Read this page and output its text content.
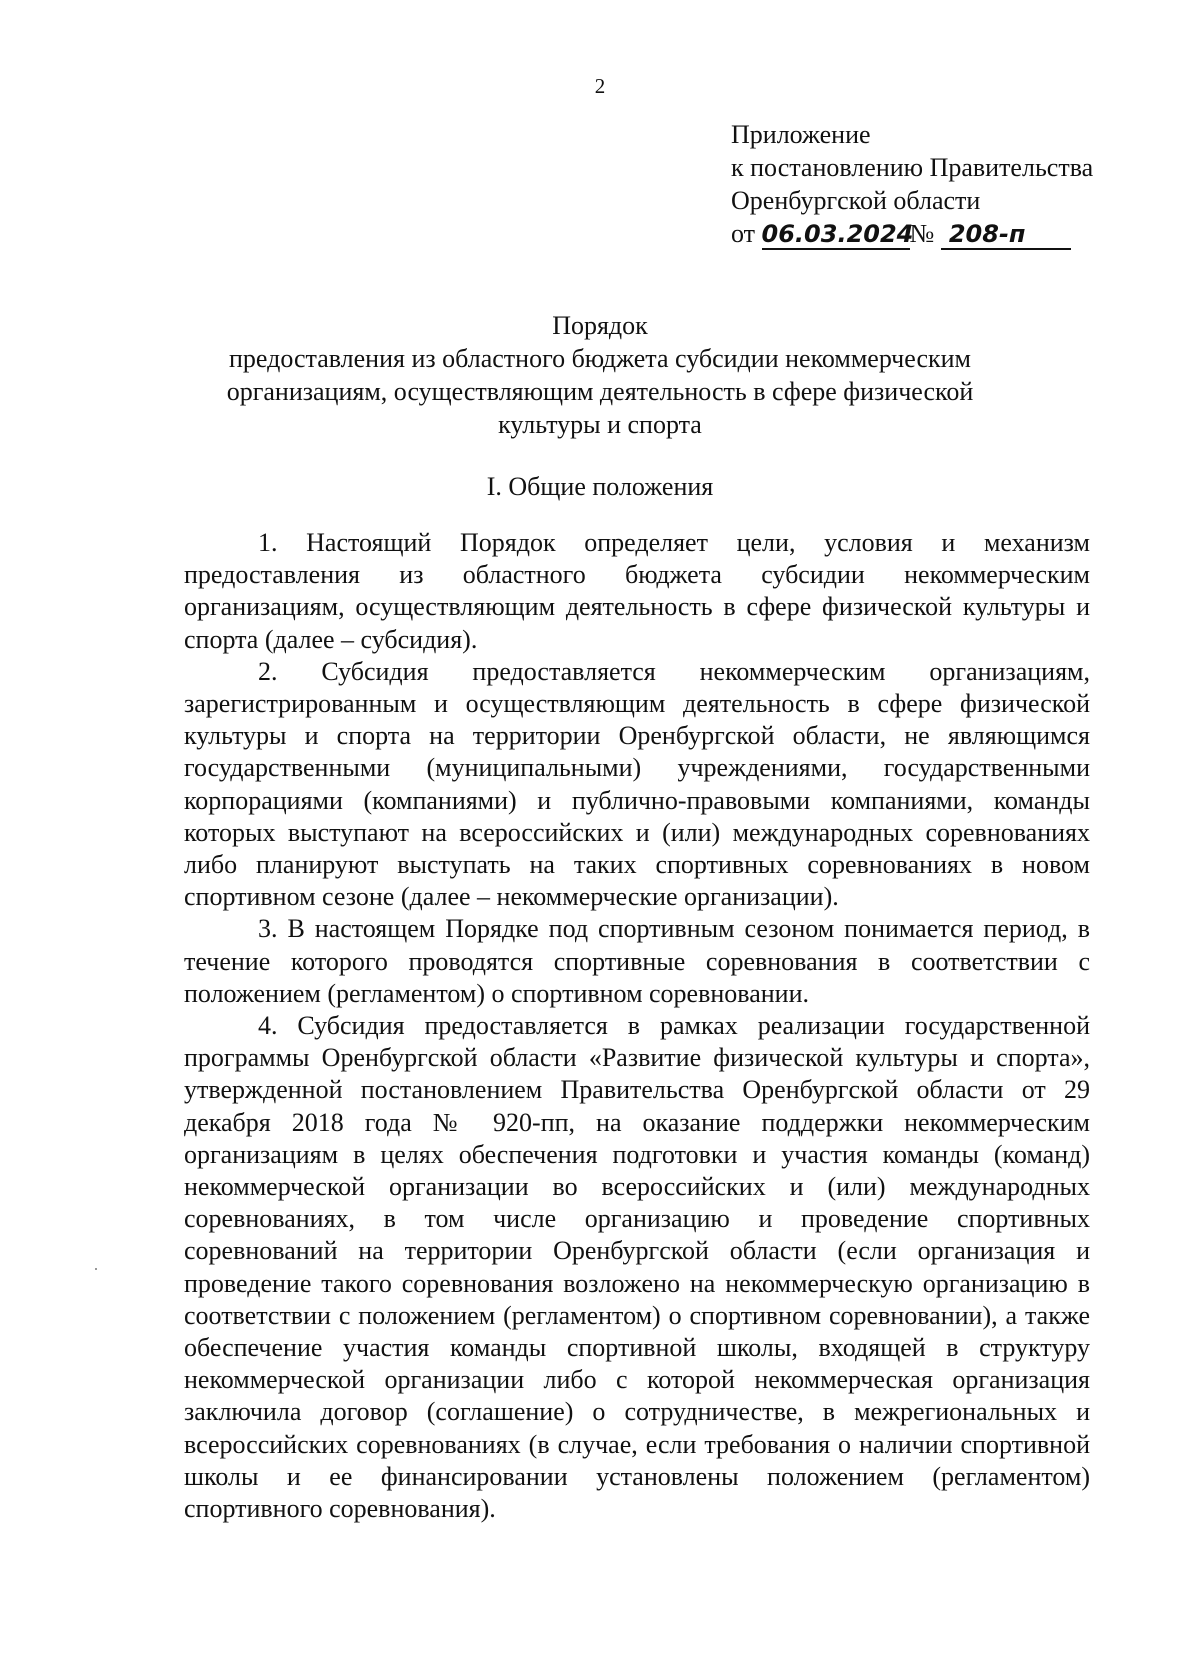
2
Приложение
к постановлению Правительства
Оренбургской области
от 06.03.2024№ 208-п
Порядок
предоставления из областного бюджета субсидии некоммерческим
организациям, осуществляющим деятельность в сфере физической
культуры и спорта
I. Общие положения

1. Настоящий Порядок определяет цели, условия и механизм предоставления из областного бюджета субсидии некоммерческим организациям, осуществляющим деятельность в сфере физической культуры и спорта (далее – субсидия).

2. Субсидия предоставляется некоммерческим организациям, зарегистрированным и осуществляющим деятельность в сфере физической культуры и спорта на территории Оренбургской области, не являющимся государственными (муниципальными) учреждениями, государственными корпорациями (компаниями) и публично-правовыми компаниями, команды которых выступают на всероссийских и (или) международных соревнованиях либо планируют выступать на таких спортивных соревнованиях в новом спортивном сезоне (далее – некоммерческие организации).

3. В настоящем Порядке под спортивным сезоном понимается период, в течение которого проводятся спортивные соревнования в соответствии с положением (регламентом) о спортивном соревновании.

4. Субсидия предоставляется в рамках реализации государственной программы Оренбургской области «Развитие физической культуры и спорта», утвержденной постановлением Правительства Оренбургской области от 29 декабря 2018 года № 920-пп, на оказание поддержки некоммерческим организациям в целях обеспечения подготовки и участия команды (команд) некоммерческой организации во всероссийских и (или) международных соревнованиях, в том числе организацию и проведение спортивных соревнований на территории Оренбургской области (если организация и проведение такого соревнования возложено на некоммерческую организацию в соответствии с положением (регламентом) о спортивном соревновании), а также обеспечение участия команды спортивной школы, входящей в структуру некоммерческой организации либо с которой некоммерческая организация заключила договор (соглашение) о сотрудничестве, в межрегиональных и всероссийских соревнованиях (в случае, если требования о наличии спортивной школы и ее финансировании установлены положением (регламентом) спортивного соревнования).
